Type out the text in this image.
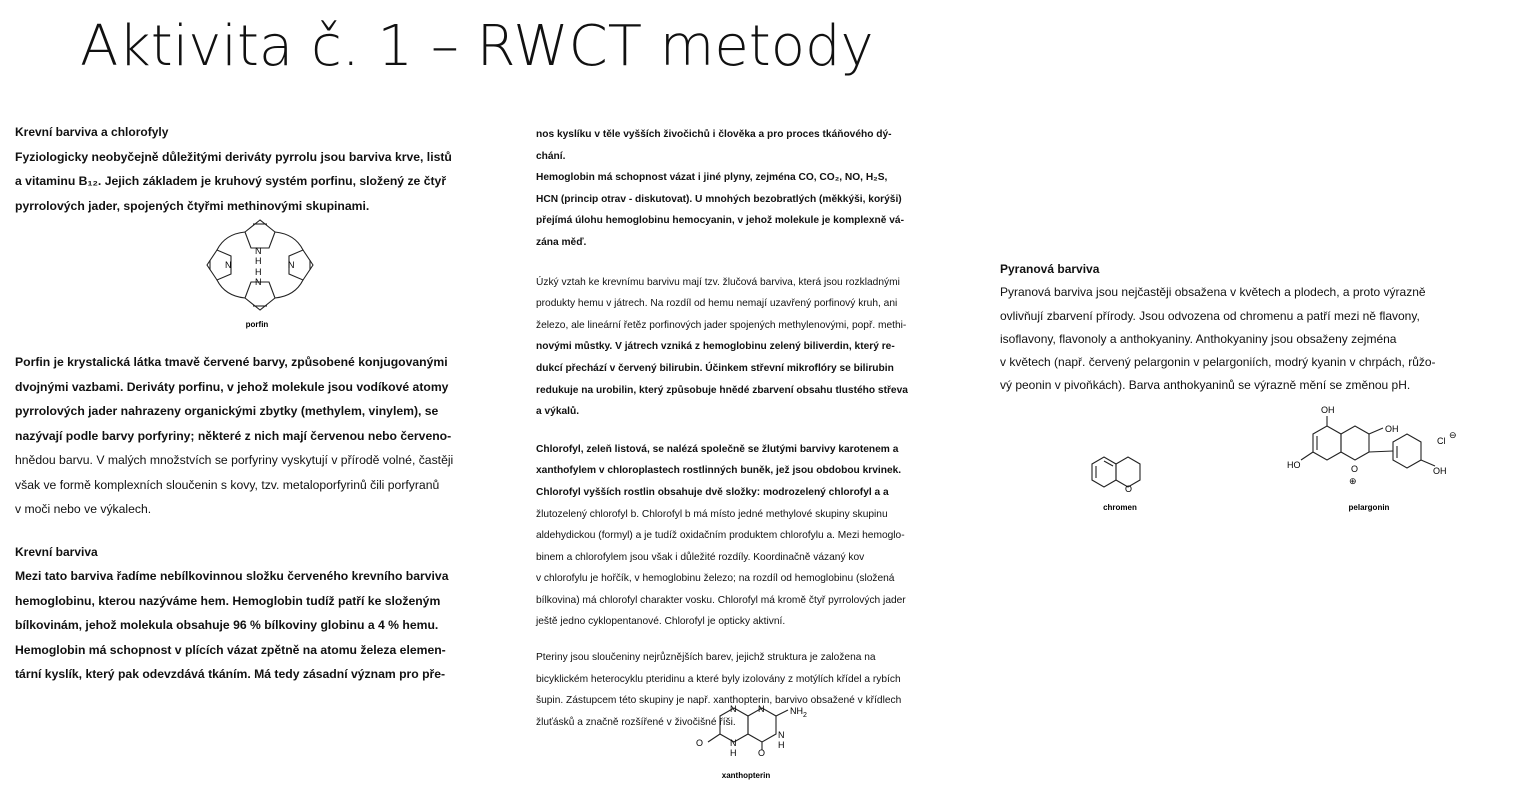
Aktivita č. 1 – RWCT metody

Krevní barviva a chlorofyly

Fyziologicky neobyčejně důležitými deriváty pyrrolu jsou barviva krve, listů

a vitaminu B₁₂. Jejich základem je kruhový systém porfinu, složený ze čtyř

pyrrolových jader, spojených čtyřmi methinovými skupinami.

Porfin je krystalická látka tmavě červené barvy, způsobené konjugovanými

dvojnými vazbami. Deriváty porfinu, v jehož molekule jsou vodíkové atomy

pyrrolových jader nahrazeny organickými zbytky (methylem, vinylem), se

nazývají podle barvy porfyriny; některé z nich mají červenou nebo červeno-

hnědou barvu. V malých množstvích se porfyriny vyskytují v přírodě volné, častěji

však ve formě komplexních sloučenin s kovy, tzv. metaloporfyrinů čili porfyranů

v moči nebo ve výkalech.

Krevní barviva

Mezi tato barviva řadíme nebílkovinnou složku červeného krevního barviva

hemoglobinu, kterou nazýváme hem. Hemoglobin tudíž patří ke složeným

bílkovinám, jehož molekula obsahuje 96 % bílkoviny globinu a 4 % hemu.

Hemoglobin má schopnost v plících vázat zpětně na atomu železa elemen-

tární kyslík, který pak odevzdává tkáním. Má tedy zásadní význam pro pře-

N
H
H
N
N	N
porfin

nos kyslíku v těle vyšších živočichů i člověka a pro proces tkáňového dý-

chání.

Hemoglobin má schopnost vázat i jiné plyny, zejména CO, CO₂, NO, H₂S,

HCN (princip otrav - diskutovat). U mnohých bezobratlých (měkkýši, korýši)

přejímá úlohu hemoglobinu hemocyanin, v jehož molekule je komplexně vá-

zána měď.

Úzký vztah ke krevnímu barvivu mají tzv. žlučová barviva, která jsou rozkladnými

produkty hemu v játrech. Na rozdíl od hemu nemají uzavřený porfinový kruh, ani

železo, ale lineární řetěz porfinových jader spojených methylenovými, popř. methi-

novými můstky. V játrech vzniká z hemoglobinu zelený biliverdin, který re-

dukcí přechází v červený bilirubin. Účinkem střevní mikroflóry se bilirubin

redukuje na urobilin, který způsobuje hnědé zbarvení obsahu tlustého střeva

a výkalů.

Chlorofyl, zeleň listová, se nalézá společně se žlutými barvivy karotenem a

xanthofylem v chloroplastech rostlinných buněk, jež jsou obdobou krvinek.

Chlorofyl vyšších rostlin obsahuje dvě složky: modrozelený chlorofyl a a

žlutozelený chlorofyl b. Chlorofyl b má místo jedné methylové skupiny skupinu

aldehydickou (formyl) a je tudíž oxidačním produktem chlorofylu a. Mezi hemoglo-

binem a chlorofylem jsou však i důležité rozdíly. Koordinačně vázaný kov

v chlorofylu je hořčík, v hemoglobinu železo; na rozdíl od hemoglobinu (složená

bílkovina) má chlorofyl charakter vosku. Chlorofyl má kromě čtyř pyrrolových jader

ještě jedno cyklopentanové. Chlorofyl je opticky aktivní.

Pteriny jsou sloučeniny nejrůznějších barev, jejichž struktura je založena na

bicyklickém heterocyklu pteridinu a které byly izolovány z motýlích křídel a rybích

šupin. Zástupcem této skupiny je např. xanthopterin, barvivo obsažené v křídlech

žluťásků a značně rozšířené v živočišné říši.

N N	$NH_2$
O	N
H O
N
H
xanthopterin

Pyranová barviva

Pyranová barviva jsou nejčastěji obsažena v květech a plodech, a proto výrazně

ovlivňují zbarvení přírody. Jsou odvozena od chromenu a patří mezi ně flavony,

isoflavony, flavonoly a anthokyaniny. Anthokyaniny jsou obsaženy zejména

v květech (např. červený pelargonin v pelargoniích, modrý kyanin v chrpách, růžo-

vý peonin v pivoňkách). Barva anthokyaninů se výrazně mění se změnou pH.

O
chromen
OH
OH
HO	O
⊕
OH
Cl
⊖
pelargonin
